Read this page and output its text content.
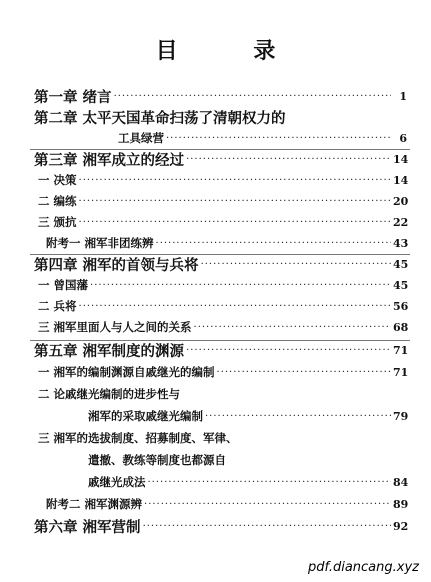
目 录
第一章 绪言 ·····	1
第二章 太平天国革命扫荡了清朝权力的
工具绿营 ·····	6
第三章 湘军成立的经过 ·····	14
一 决策 ·····	14
二 编练 ·····	20
三 颁抗 ·····	22
附考一 湘军非团练辨 ·····	43
第四章 湘军的首领与兵将 ·····	45
一 曾国藩 ·····	45
二 兵将 ·····	56
三 湘军里面人与人之间的关系 ·····	68
第五章 湘军制度的渊源 ·····	71
一 湘军的编制渊源自戚继光的编制 ·····	71
二 论戚继光编制的进步性与
湘军的采取戚继光编制 ·····	79
三 湘军的选拔制度、招募制度、军律、
遣撤、教练等制度也都源自
戚继光成法 ·····	84
附考二 湘军渊源辨 ·····	89
第六章 湘军营制 ·····	92
pdf.diancang.xyz
